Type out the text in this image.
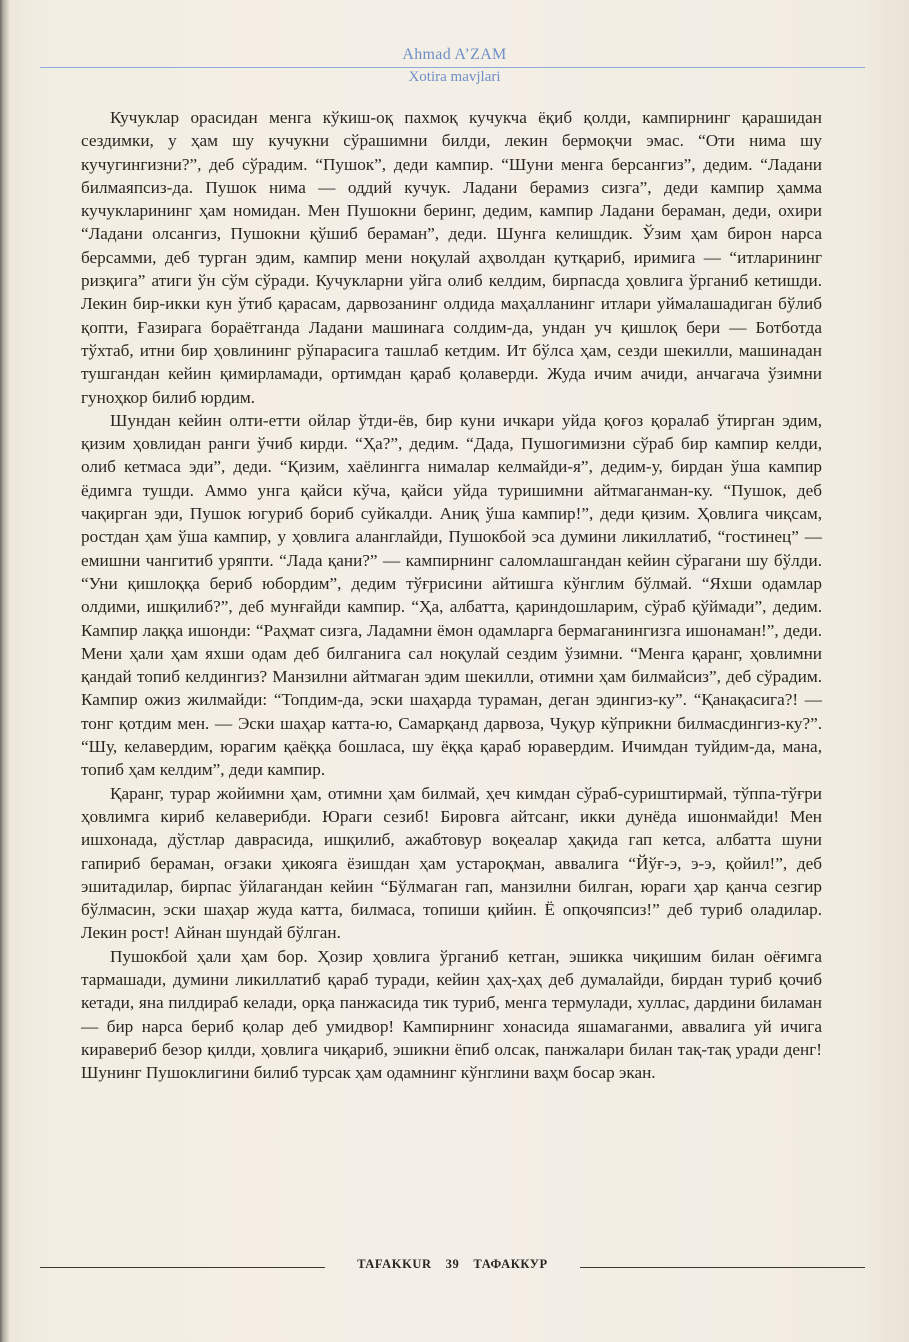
Ahmad A’ZAM
Xotira mavjlari

Кучуклар орасидан менга кўкиш-оқ пахмоқ кучукча ёқиб қолди, кампирнинг қарашидан сездимки, у ҳам шу кучукни сўрашимни билди, лекин бермоқчи эмас. “Оти нима шу кучугингизни?”, деб сўрадим. “Пушок”, деди кампир. “Шуни менга берсангиз”, дедим. “Ладани билмаяпсиз-да. Пушок нима — оддий кучук. Ладани берамиз сизга”, деди кампир ҳамма кучукларининг ҳам номидан. Мен Пушокни беринг, дедим, кампир Ладани бераман, деди, охири “Ладани олсангиз, Пушокни қўшиб бераман”, деди. Шунга келишдик. Ўзим ҳам бирон нарса берсамми, деб турган эдим, кампир мени ноқулай аҳволдан қутқариб, иримига — “итларининг ризқига” атиги ўн сўм сўради. Кучукларни уйга олиб келдим, бирпасда ҳовлига ўрганиб кетишди. Лекин бир-икки кун ўтиб қарасам, дарвозанинг олдида маҳалланинг итлари уймалашадиган бўлиб қопти, Ғазирага бораётганда Ладани машинага солдим-да, ундан уч қишлоқ бери — Ботботда тўхтаб, итни бир ҳовлининг рўпарасига ташлаб кетдим. Ит бўлса ҳам, сезди шекилли, машинадан тушгандан кейин қимирламади, ортимдан қараб қолаверди. Жуда ичим ачиди, анчагача ўзимни гуноҳкор билиб юрдим.

Шундан кейин олти-етти ойлар ўтди-ёв, бир куни ичкари уйда қоғоз қоралаб ўтирган эдим, қизим ҳовлидан ранги ўчиб кирди. “Ҳа?”, дедим. “Дада, Пушогимизни сўраб бир кампир келди, олиб кетмаса эди”, деди. “Қизим, хаёлингга нималар келмайди-я”, дедим-у, бирдан ўша кампир ёдимга тушди. Аммо унга қайси кўча, қайси уйда туришимни айтмаганман-ку. “Пушок, деб чақирган эди, Пушок югуриб бориб суйкалди. Аниқ ўша кампир!”, деди қизим. Ҳовлига чиқсам, ростдан ҳам ўша кампир, у ҳовлига аланглайди, Пушокбой эса думини ликиллатиб, “гостинец” — емишни чангитиб уряпти. “Лада қани?” — кампирнинг саломлашгандан кейин сўрагани шу бўлди. “Уни қишлоққа бериб юбордим”, дедим тўғрисини айтишга кўнглим бўлмай. “Яхши одамлар олдими, ишқилиб?”, деб мунғайди кампир. “Ҳа, албатта, қариндошларим, сўраб қўймади”, дедим. Кампир лаққа ишонди: “Раҳмат сизга, Ладамни ёмон одамларга бермаганингизга ишонаман!”, деди. Мени ҳали ҳам яхши одам деб билганига сал ноқулай сездим ўзимни. “Менга қаранг, ҳовлимни қандай топиб келдингиз? Манзилни айтмаган эдим шекилли, отимни ҳам билмайсиз”, деб сўрадим. Кампир ожиз жилмайди: “Топдим-да, эски шаҳарда тураман, деган эдингиз-ку”. “Қанақасига?! — тонг қотдим мен. — Эски шаҳар катта-ю, Самарқанд дарвоза, Чуқур кўприкни билмасдингиз-ку?”. “Шу, келавердим, юрагим қаёққа бошласа, шу ёққа қараб юравердим. Ичимдан туйдим-да, мана, топиб ҳам келдим”, деди кампир.

Қаранг, турар жойимни ҳам, отимни ҳам билмай, ҳеч кимдан сўраб-суриштирмай, тўппа-тўғри ҳовлимга кириб келаверибди. Юраги сезиб! Бировга айтсанг, икки дунёда ишонмайди! Мен ишхонада, дўстлар даврасида, ишқилиб, ажабтовур воқеалар ҳақида гап кетса, албатта шуни гапириб бераман, оғзаки ҳикояга ёзишдан ҳам устароқман, аввалига “Йўғ-э, э-э, қойил!”, деб эшитадилар, бирпас ўйлагандан кейин “Бўлмаган гап, манзилни билган, юраги ҳар қанча сезгир бўлмасин, эски шаҳар жуда катта, билмаса, топиши қийин. Ё опқочяпсиз!” деб туриб оладилар. Лекин рост! Айнан шундай бўлган.

Пушокбой ҳали ҳам бор. Ҳозир ҳовлига ўрганиб кетган, эшикка чиқишим билан оёғимга тармашади, думини ликиллатиб қараб туради, кейин ҳаҳ-ҳаҳ деб думалайди, бирдан туриб қочиб кетади, яна пилдираб келади, орқа панжасида тик туриб, менга термулади, хуллас, дардини биламан — бир нарса бериб қолар деб умидвор! Кампирнинг хонасида яшамаганми, аввалига уй ичига киравериб безор қилди, ҳовлига чиқариб, эшикни ёпиб олсак, панжалари билан тақ-тақ уради денг! Шунинг Пушоклигини билиб турсак ҳам одамнинг кўнглини ваҳм босар экан.

TAFAKKUR 39 ТАФАККУР
